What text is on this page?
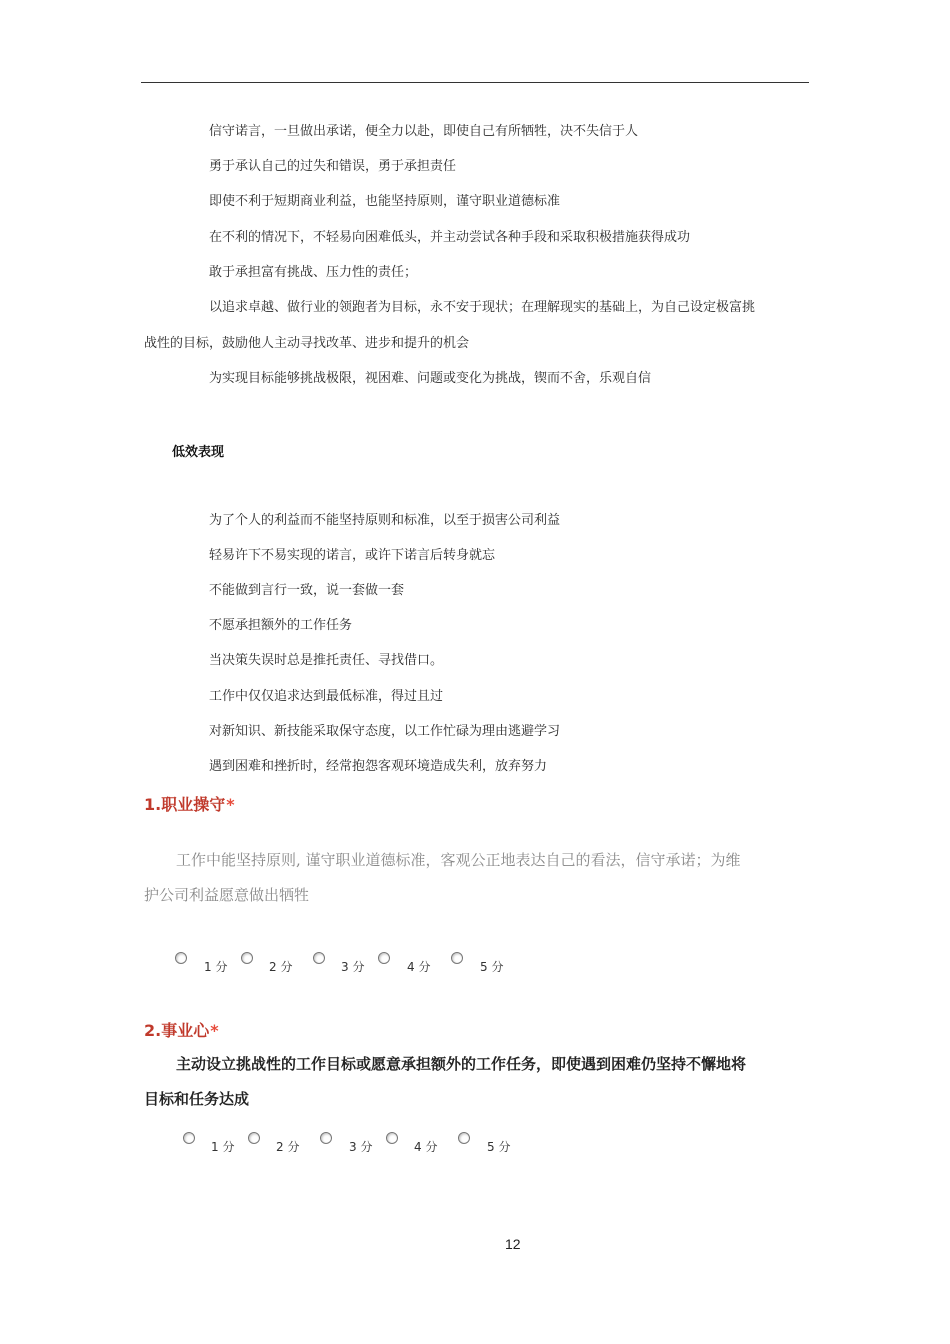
信守诺言，一旦做出承诺，便全力以赴，即使自己有所牺牲，决不失信于人
勇于承认自己的过失和错误，勇于承担责任
即使不利于短期商业利益，也能坚持原则，谨守职业道德标准
在不利的情况下，不轻易向困难低头，并主动尝试各种手段和采取积极措施获得成功
敢于承担富有挑战、压力性的责任；
以追求卓越、做行业的领跑者为目标，永不安于现状；在理解现实的基础上，为自己设定极富挑
战性的目标，鼓励他人主动寻找改革、进步和提升的机会
为实现目标能够挑战极限，视困难、问题或变化为挑战，锲而不舍，乐观自信
低效表现
为了个人的利益而不能坚持原则和标准，以至于损害公司利益
轻易许下不易实现的诺言，或许下诺言后转身就忘
不能做到言行一致，说一套做一套
不愿承担额外的工作任务
当决策失误时总是推托责任、寻找借口。
工作中仅仅追求达到最低标准，得过且过
对新知识、新技能采取保守态度，以工作忙碌为理由逃避学习
遇到困难和挫折时，经常抱怨客观环境造成失利，放弃努力
1.职业操守*
工作中能坚持原则, 谨守职业道德标准，客观公正地表达自己的看法，信守承诺；为维
护公司利益愿意做出牺牲
1 分	2 分	3 分	4 分	5 分
2.事业心*
主动设立挑战性的工作目标或愿意承担额外的工作任务，即使遇到困难仍坚持不懈地将
目标和任务达成
1 分	2 分	3 分	4 分	5 分
12
